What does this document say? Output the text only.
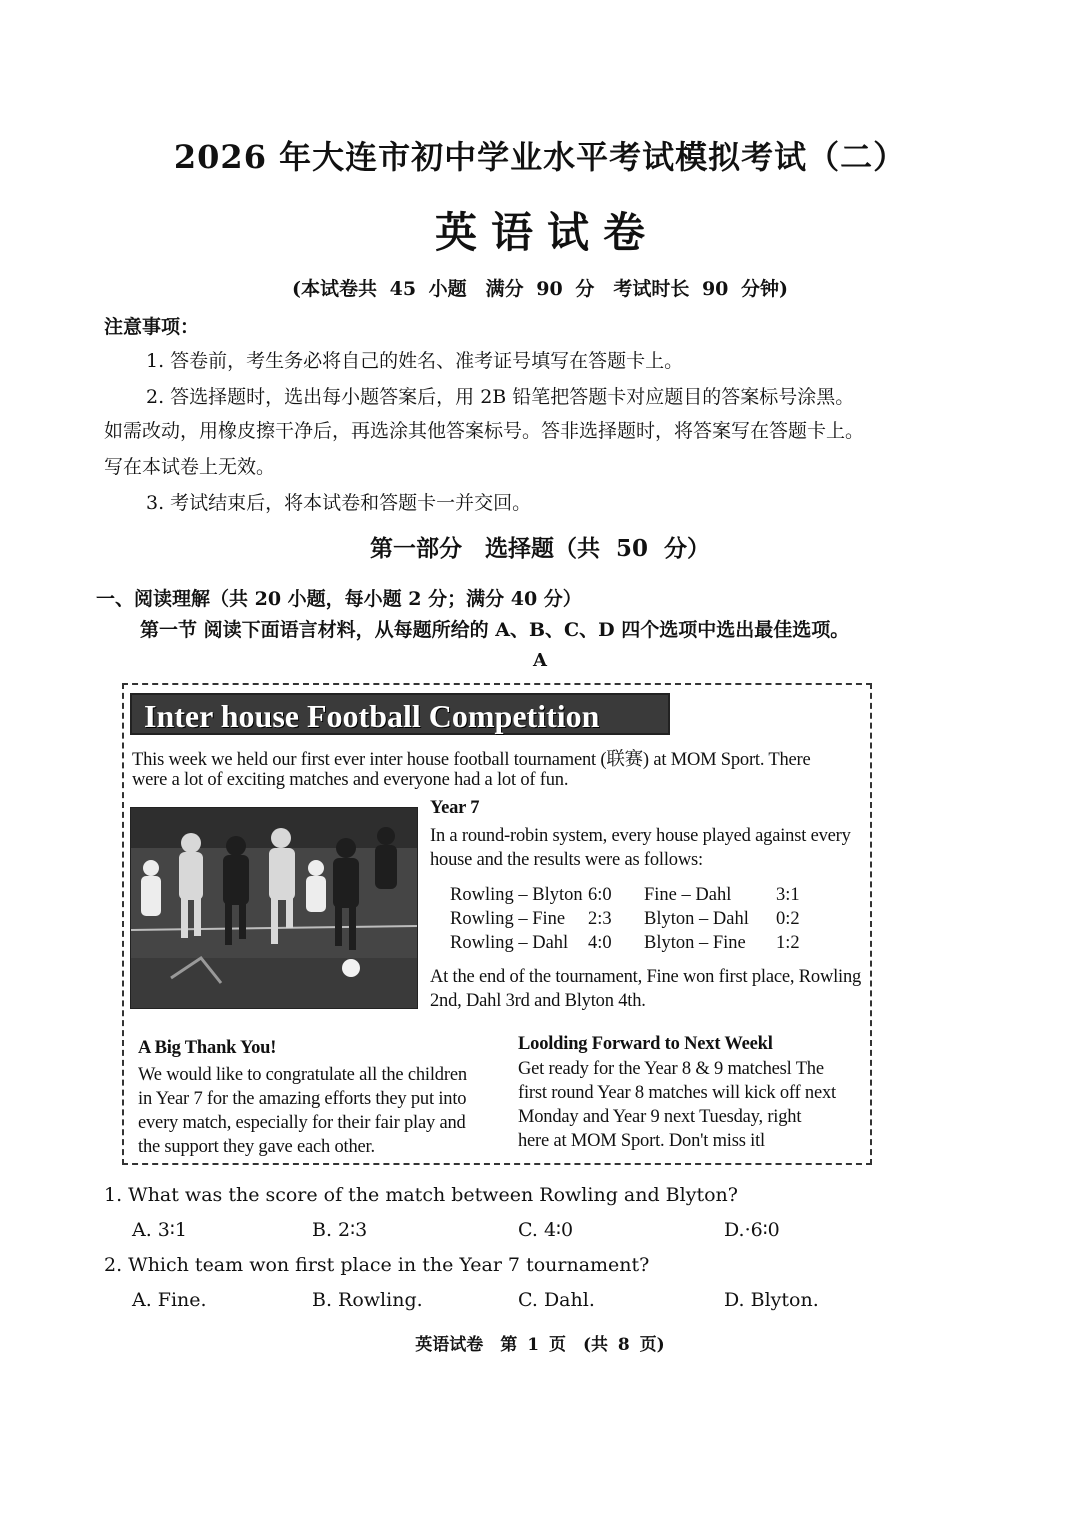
2026 年大连市初中学业水平考试模拟考试（二）
英语试卷
(本试卷共 45 小题　满分 90 分　考试时长 90 分钟)
注意事项：
1. 答卷前，考生务必将自己的姓名、准考证号填写在答题卡上。
2. 答选择题时，选出每小题答案后，用 2B 铅笔把答题卡对应题目的答案标号涂黑。
如需改动，用橡皮擦干净后，再选涂其他答案标号。答非选择题时，将答案写在答题卡上。
写在本试卷上无效。
3. 考试结束后，将本试卷和答题卡一并交回。
第一部分　选择题（共 50 分）
一、阅读理解（共 20 小题，每小题 2 分；满分 40 分）
第一节 阅读下面语言材料，从每题所给的 A、B、C、D 四个选项中选出最佳选项。
A
Inter house Football Competition
This week we held our first ever inter house football tournament (联赛) at MOM Sport. There
were a lot of exciting matches and everyone had a lot of fun.
Year 7
In a round-robin system, every house played against every
house and the results were as follows:
Rowling – Blyton 6:0
Rowling – Fine 2:3
Rowling – Dahl 4:0
Fine – Dahl 3:1
Blyton – Dahl 0:2
Blyton – Fine 1:2
At the end of the tournament, Fine won first place, Rowling
2nd, Dahl 3rd and Blyton 4th.
A Big Thank You!
We would like to congratulate all the children
in Year 7 for the amazing efforts they put into
every match, especially for their fair play and
the support they gave each other.
Loolding Forward to Next Weekl
Get ready for the Year 8 & 9 matchesl The
first round Year 8 matches will kick off next
Monday and Year 9 next Tuesday, right
here at MOM Sport. Don't miss itl
1. What was the score of the match between Rowling and Blyton?
A. 3∶1	B. 2∶3	C. 4∶0	D.·6∶0
2. Which team won first place in the Year 7 tournament?
A. Fine.	B. Rowling.	C. Dahl.	D. Blyton.
英语试卷　第 1 页　(共 8 页)
